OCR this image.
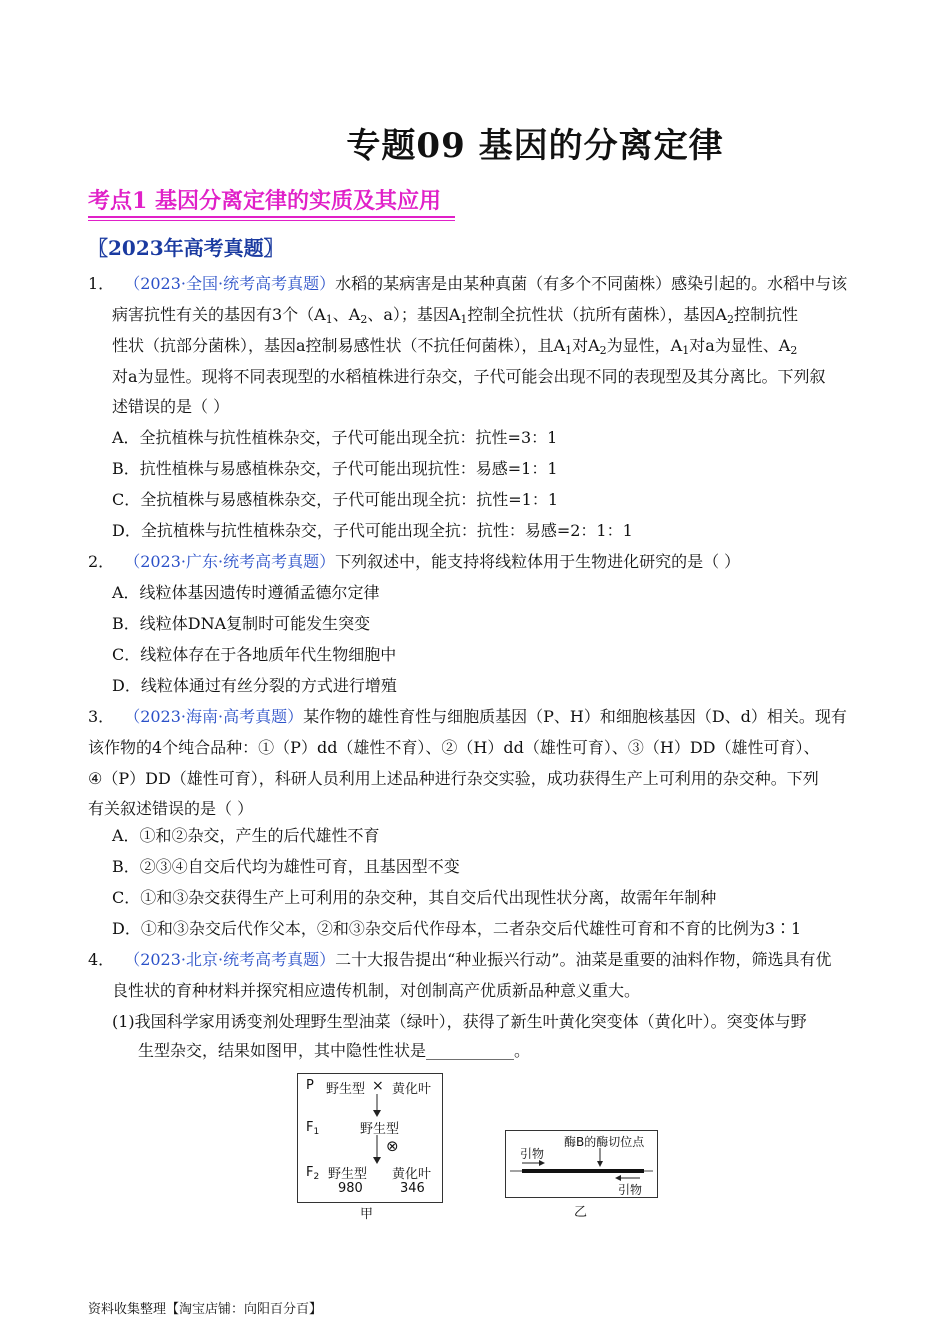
专题09 基因的分离定律
考点1 基因分离定律的实质及其应用
〖2023年高考真题〗
1． （2023·全国·统考高考真题）水稻的某病害是由某种真菌（有多个不同菌株）感染引起的。水稻中与该
病害抗性有关的基因有3个（$A_1$、$A_2$、a）；基因$A_1$控制全抗性状（抗所有菌株），基因$A_2$控制抗性
性状（抗部分菌株），基因a控制易感性状（不抗任何菌株），且$A_1$对$A_2$为显性，$A_1$对a为显性、$A_2$
对a为显性。现将不同表现型的水稻植株进行杂交，子代可能会出现不同的表现型及其分离比。下列叙
述错误的是（ ）
A．全抗植株与抗性植株杂交，子代可能出现全抗：抗性=3：1
B．抗性植株与易感植株杂交，子代可能出现抗性：易感=1：1
C．全抗植株与易感植株杂交，子代可能出现全抗：抗性=1：1
D．全抗植株与抗性植株杂交，子代可能出现全抗：抗性：易感=2：1：1
2． （2023·广东·统考高考真题）下列叙述中，能支持将线粒体用于生物进化研究的是（ ）
A．线粒体基因遗传时遵循孟德尔定律
B．线粒体DNA复制时可能发生突变
C．线粒体存在于各地质年代生物细胞中
D．线粒体通过有丝分裂的方式进行增殖
3． （2023·海南·高考真题）某作物的雄性育性与细胞质基因（P、H）和细胞核基因（D、d）相关。现有
该作物的4个纯合品种：①（P）dd（雄性不育）、②（H）dd（雄性可育）、③（H）DD（雄性可育）、
④（P）DD（雄性可育），科研人员利用上述品种进行杂交实验，成功获得生产上可利用的杂交种。下列
有关叙述错误的是（ ）
A．①和②杂交，产生的后代雄性不育
B．②③④自交后代均为雄性可育，且基因型不变
C．①和③杂交获得生产上可利用的杂交种，其自交后代出现性状分离，故需年年制种
D．①和③杂交后代作父本，②和③杂交后代作母本，二者杂交后代雄性可育和不育的比例为3∶1
4． （2023·北京·统考高考真题）二十大报告提出“种业振兴行动”。油菜是重要的油料作物，筛选具有优
良性状的育种材料并探究相应遗传机制，对创制高产优质新品种意义重大。
(1)我国科学家用诱变剂处理野生型油菜（绿叶），获得了新生叶黄化突变体（黄化叶）。突变体与野
生型杂交，结果如图甲，其中隐性性状是___________。
P 野生型 × 黄化叶
$F_1$	野生型
⊗
$F_2$ 野生型 黄化叶
980	346
甲
酶B的酶切位点
引物
引物
乙
资料收集整理【淘宝店铺：向阳百分百】
